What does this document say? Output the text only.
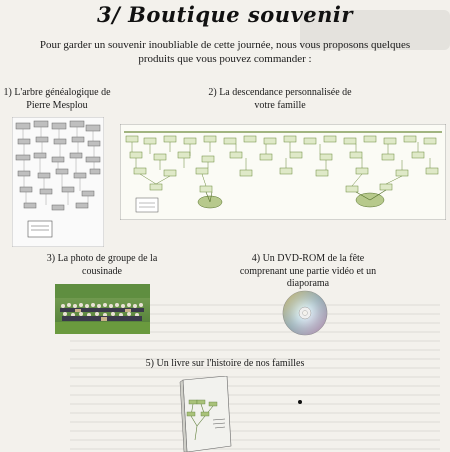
3/ Boutique souvenir
Pour garder un souvenir inoubliable de cette journée, nous vous proposons quelques produits que vous pouvez commander :
1) L'arbre généalogique de Pierre Mesplou
2) La descendance personnalisée de votre famille
3) La photo de groupe de la cousinade
4) Un DVD-ROM de la fête comprenant une partie vidéo et un diaporama
5) Un livre sur l'histoire de nos familles
